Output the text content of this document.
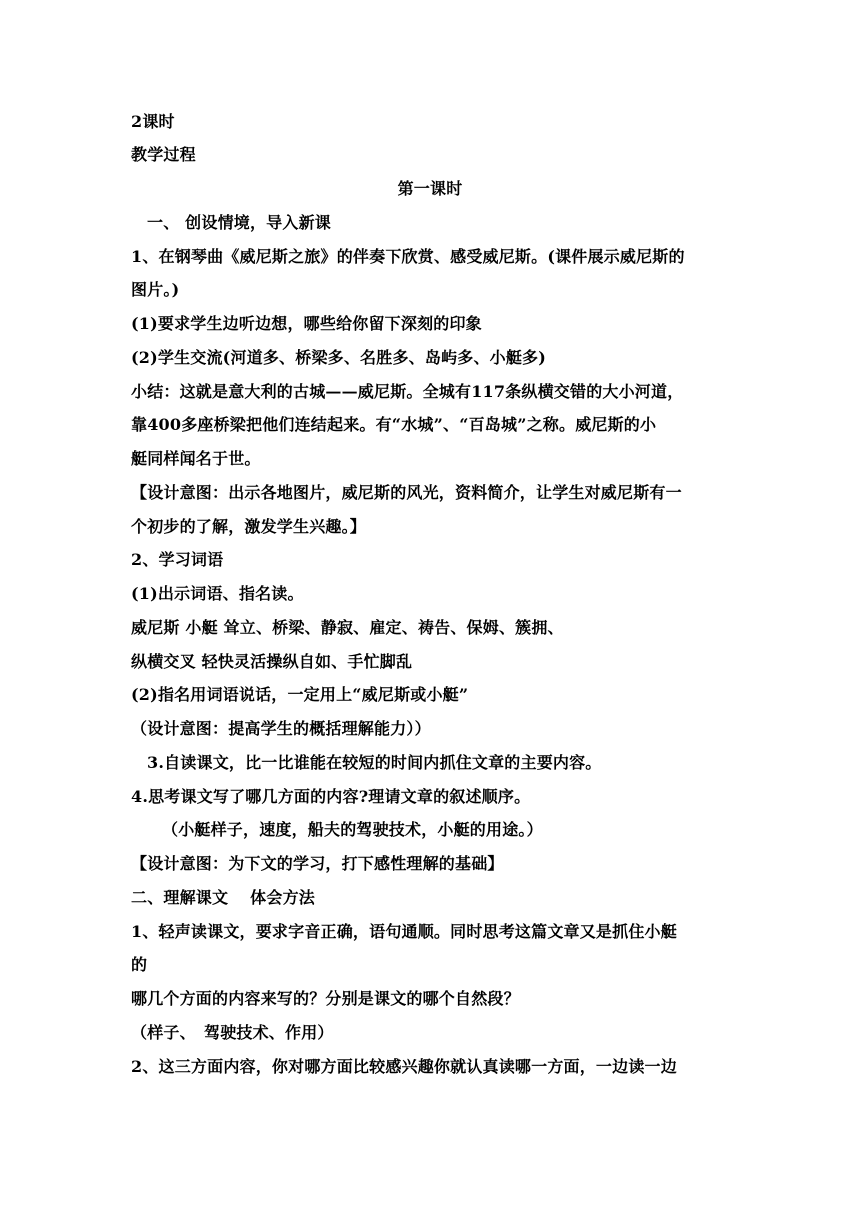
2课时
教学过程
第一课时
一、 创设情境，导入新课
1、在钢琴曲《威尼斯之旅》的伴奏下欣赏、感受威尼斯。(课件展示威尼斯的
图片。)
(1)要求学生边听边想，哪些给你留下深刻的印象
(2)学生交流(河道多、桥梁多、名胜多、岛屿多、小艇多)
小结：这就是意大利的古城——威尼斯。全城有117条纵横交错的大小河道，
靠400多座桥梁把他们连结起来。有“水城”、“百岛城”之称。威尼斯的小
艇同样闻名于世。
【设计意图：出示各地图片，威尼斯的风光，资料简介，让学生对威尼斯有一
个初步的了解，激发学生兴趣。】
2、学习词语
(1)出示词语、指名读。
威尼斯 小艇 耸立、桥梁、静寂、雇定、祷告、保姆、簇拥、
纵横交叉 轻快灵活操纵自如、手忙脚乱
(2)指名用词语说话，一定用上“威尼斯或小艇”
（设计意图：提高学生的概括理解能力））
3.自读课文，比一比谁能在较短的时间内抓住文章的主要内容。
4.思考课文写了哪几方面的内容?理请文章的叙述顺序。
（小艇样子，速度，船夫的驾驶技术，小艇的用途。）
【设计意图：为下文的学习，打下感性理解的基础】
二、理解课文　 体会方法
1、轻声读课文，要求字音正确，语句通顺。同时思考这篇文章又是抓住小艇
的
哪几个方面的内容来写的？分别是课文的哪个自然段？
（样子、　驾驶技术、作用）
2、这三方面内容，你对哪方面比较感兴趣你就认真读哪一方面，一边读一边
